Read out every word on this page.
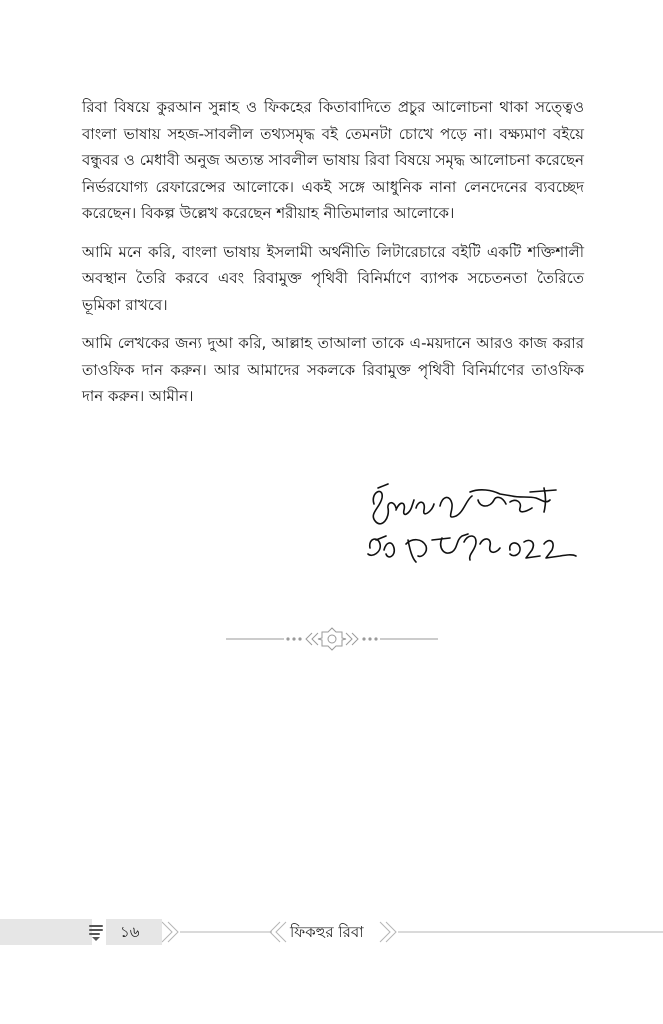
রিবা বিষয়ে কুরআন সুন্নাহ ও ফিকহের কিতাবাদিতে প্রচুর আলোচনা থাকা সত্ত্বেও বাংলা ভাষায় সহজ-সাবলীল তথ্যসমৃদ্ধ বই তেমনটা চোখে পড়ে না। বক্ষ্যমাণ বইয়ে বন্ধুবর ও মেধাবী অনুজ অত্যন্ত সাবলীল ভাষায় রিবা বিষয়ে সমৃদ্ধ আলোচনা করেছেন নির্ভরযোগ্য রেফারেন্সের আলোকে। একই সঙ্গে আধুনিক নানা লেনদেনের ব্যবচ্ছেদ করেছেন। বিকল্প উল্লেখ করেছেন শরীয়াহ নীতিমালার আলোকে।

আমি মনে করি, বাংলা ভাষায় ইসলামী অর্থনীতি লিটারেচারে বইটি একটি শক্তিশালী অবস্থান তৈরি করবে এবং রিবামুক্ত পৃথিবী বিনির্মাণে ব্যাপক সচেতনতা তৈরিতে ভূমিকা রাখবে।

আমি লেখকের জন্য দুআ করি, আল্লাহ তাআলা তাকে এ-ময়দানে আরও কাজ করার তাওফিক দান করুন। আর আমাদের সকলকে রিবামুক্ত পৃথিবী বিনির্মাণের তাওফিক দান করুন। আমীন।

১৬	ফিকহুর রিবা
